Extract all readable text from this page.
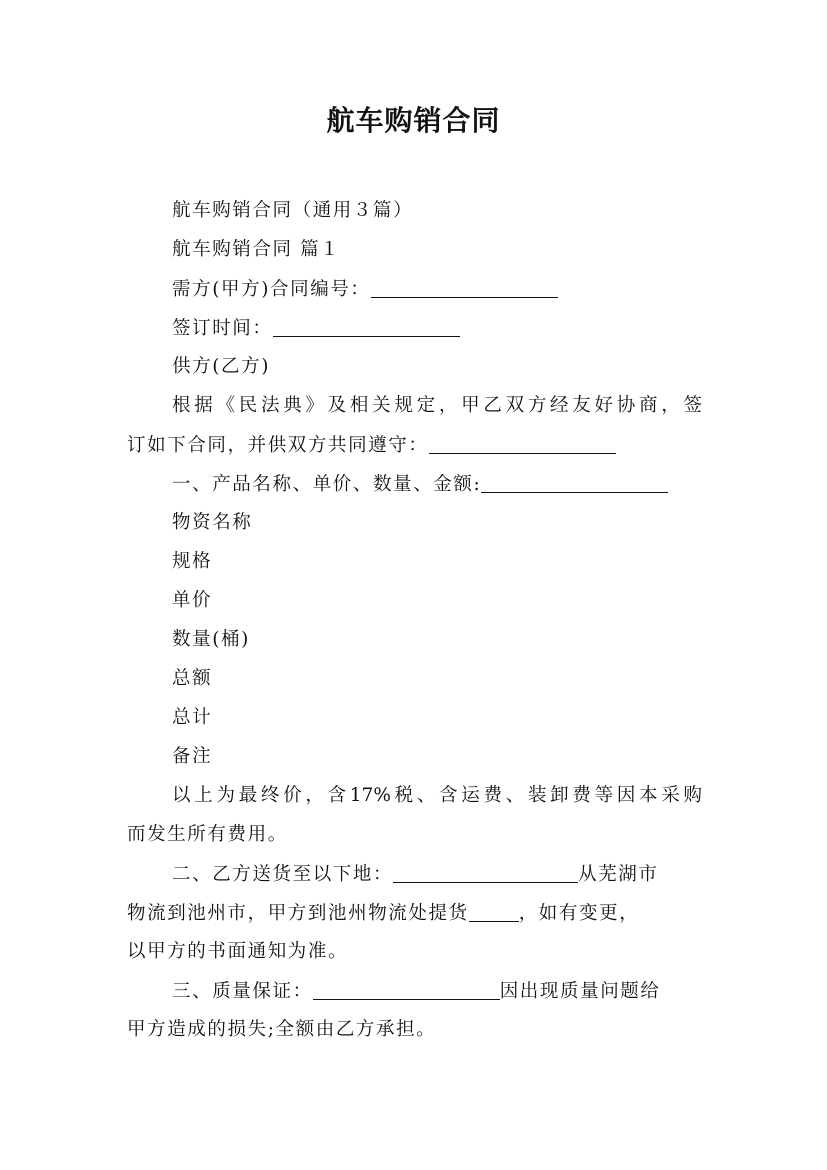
航车购销合同
航车购销合同（通用３篇）
航车购销合同 篇１
需方(甲方)合同编号：
签订时间：
供方(乙方)
根据《民法典》及相关规定，甲乙双方经友好协商，签
订如下合同，并供双方共同遵守：
一、产品名称、单价、数量、金额:
物资名称
规格
单价
数量(桶)
总额
总计
备注
以上为最终价，含17%税、含运费、装卸费等因本采购
而发生所有费用。
二、乙方送货至以下地：	从芜湖市
物流到池州市，甲方到池州物流处提货	，如有变更，
以甲方的书面通知为准。
三、质量保证：	因出现质量问题给
甲方造成的损失;全额由乙方承担。
